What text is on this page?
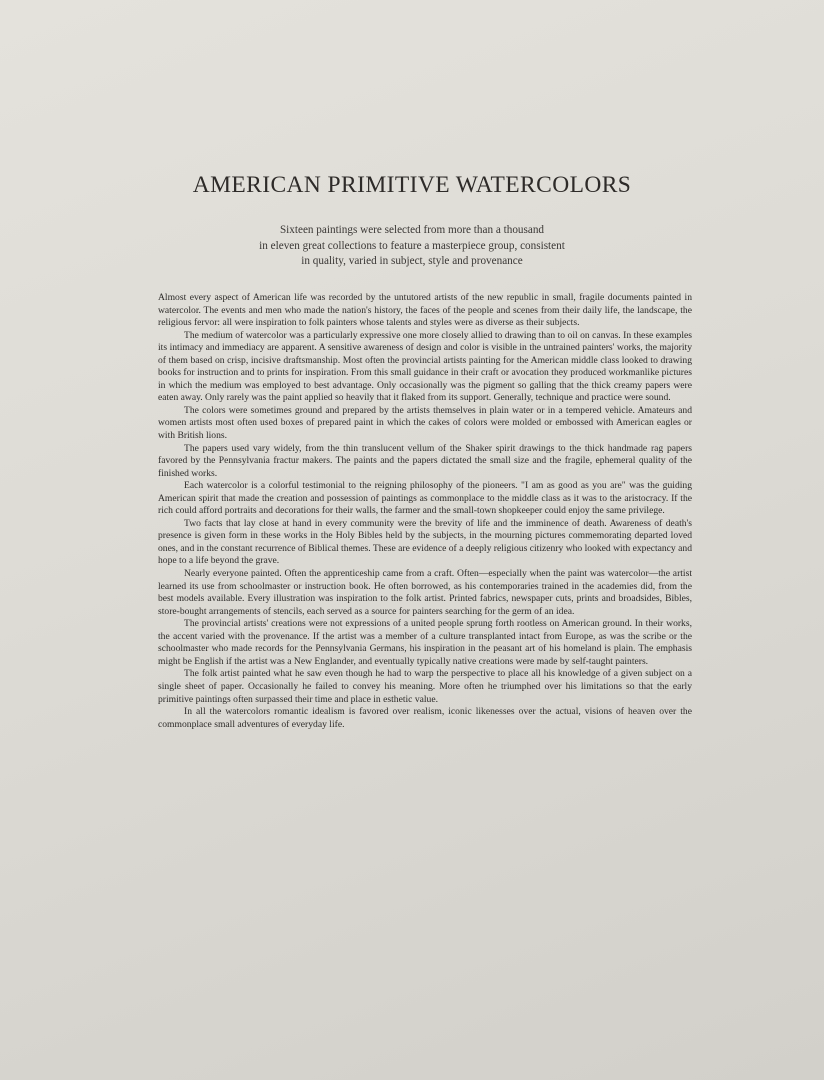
AMERICAN PRIMITIVE WATERCOLORS
Sixteen paintings were selected from more than a thousand
in eleven great collections to feature a masterpiece group, consistent
in quality, varied in subject, style and provenance

Almost every aspect of American life was recorded by the untutored artists of the new republic in small, fragile documents painted in watercolor. The events and men who made the nation's history, the faces of the people and scenes from their daily life, the landscape, the religious fervor: all were inspiration to folk painters whose talents and styles were as diverse as their subjects.

The medium of watercolor was a particularly expressive one more closely allied to drawing than to oil on canvas. In these examples its intimacy and immediacy are apparent. A sensitive awareness of design and color is visible in the untrained painters' works, the majority of them based on crisp, incisive draftsmanship. Most often the provincial artists painting for the American middle class looked to drawing books for instruction and to prints for inspiration. From this small guidance in their craft or avocation they produced workmanlike pictures in which the medium was employed to best advantage. Only occasionally was the pigment so galling that the thick creamy papers were eaten away. Only rarely was the paint applied so heavily that it flaked from its support. Generally, technique and practice were sound.

The colors were sometimes ground and prepared by the artists themselves in plain water or in a tempered vehicle. Amateurs and women artists most often used boxes of prepared paint in which the cakes of colors were molded or embossed with American eagles or with British lions.

The papers used vary widely, from the thin translucent vellum of the Shaker spirit drawings to the thick handmade rag papers favored by the Pennsylvania fractur makers. The paints and the papers dictated the small size and the fragile, ephemeral quality of the finished works.

Each watercolor is a colorful testimonial to the reigning philosophy of the pioneers. "I am as good as you are" was the guiding American spirit that made the creation and possession of paintings as commonplace to the middle class as it was to the aristocracy. If the rich could afford portraits and decorations for their walls, the farmer and the small-town shopkeeper could enjoy the same privilege.

Two facts that lay close at hand in every community were the brevity of life and the imminence of death. Awareness of death's presence is given form in these works in the Holy Bibles held by the subjects, in the mourning pictures commemorating departed loved ones, and in the constant recurrence of Biblical themes. These are evidence of a deeply religious citizenry who looked with expectancy and hope to a life beyond the grave.

Nearly everyone painted. Often the apprenticeship came from a craft. Often—especially when the paint was watercolor—the artist learned its use from schoolmaster or instruction book. He often borrowed, as his contemporaries trained in the academies did, from the best models available. Every illustration was inspiration to the folk artist. Printed fabrics, newspaper cuts, prints and broadsides, Bibles, store-bought arrangements of stencils, each served as a source for painters searching for the germ of an idea.

The provincial artists' creations were not expressions of a united people sprung forth rootless on American ground. In their works, the accent varied with the provenance. If the artist was a member of a culture transplanted intact from Europe, as was the scribe or the schoolmaster who made records for the Pennsylvania Germans, his inspiration in the peasant art of his homeland is plain. The emphasis might be English if the artist was a New Englander, and eventually typically native creations were made by self-taught painters.

The folk artist painted what he saw even though he had to warp the perspective to place all his knowledge of a given subject on a single sheet of paper. Occasionally he failed to convey his meaning. More often he triumphed over his limitations so that the early primitive paintings often surpassed their time and place in esthetic value.

In all the watercolors romantic idealism is favored over realism, iconic likenesses over the actual, visions of heaven over the commonplace small adventures of everyday life.
